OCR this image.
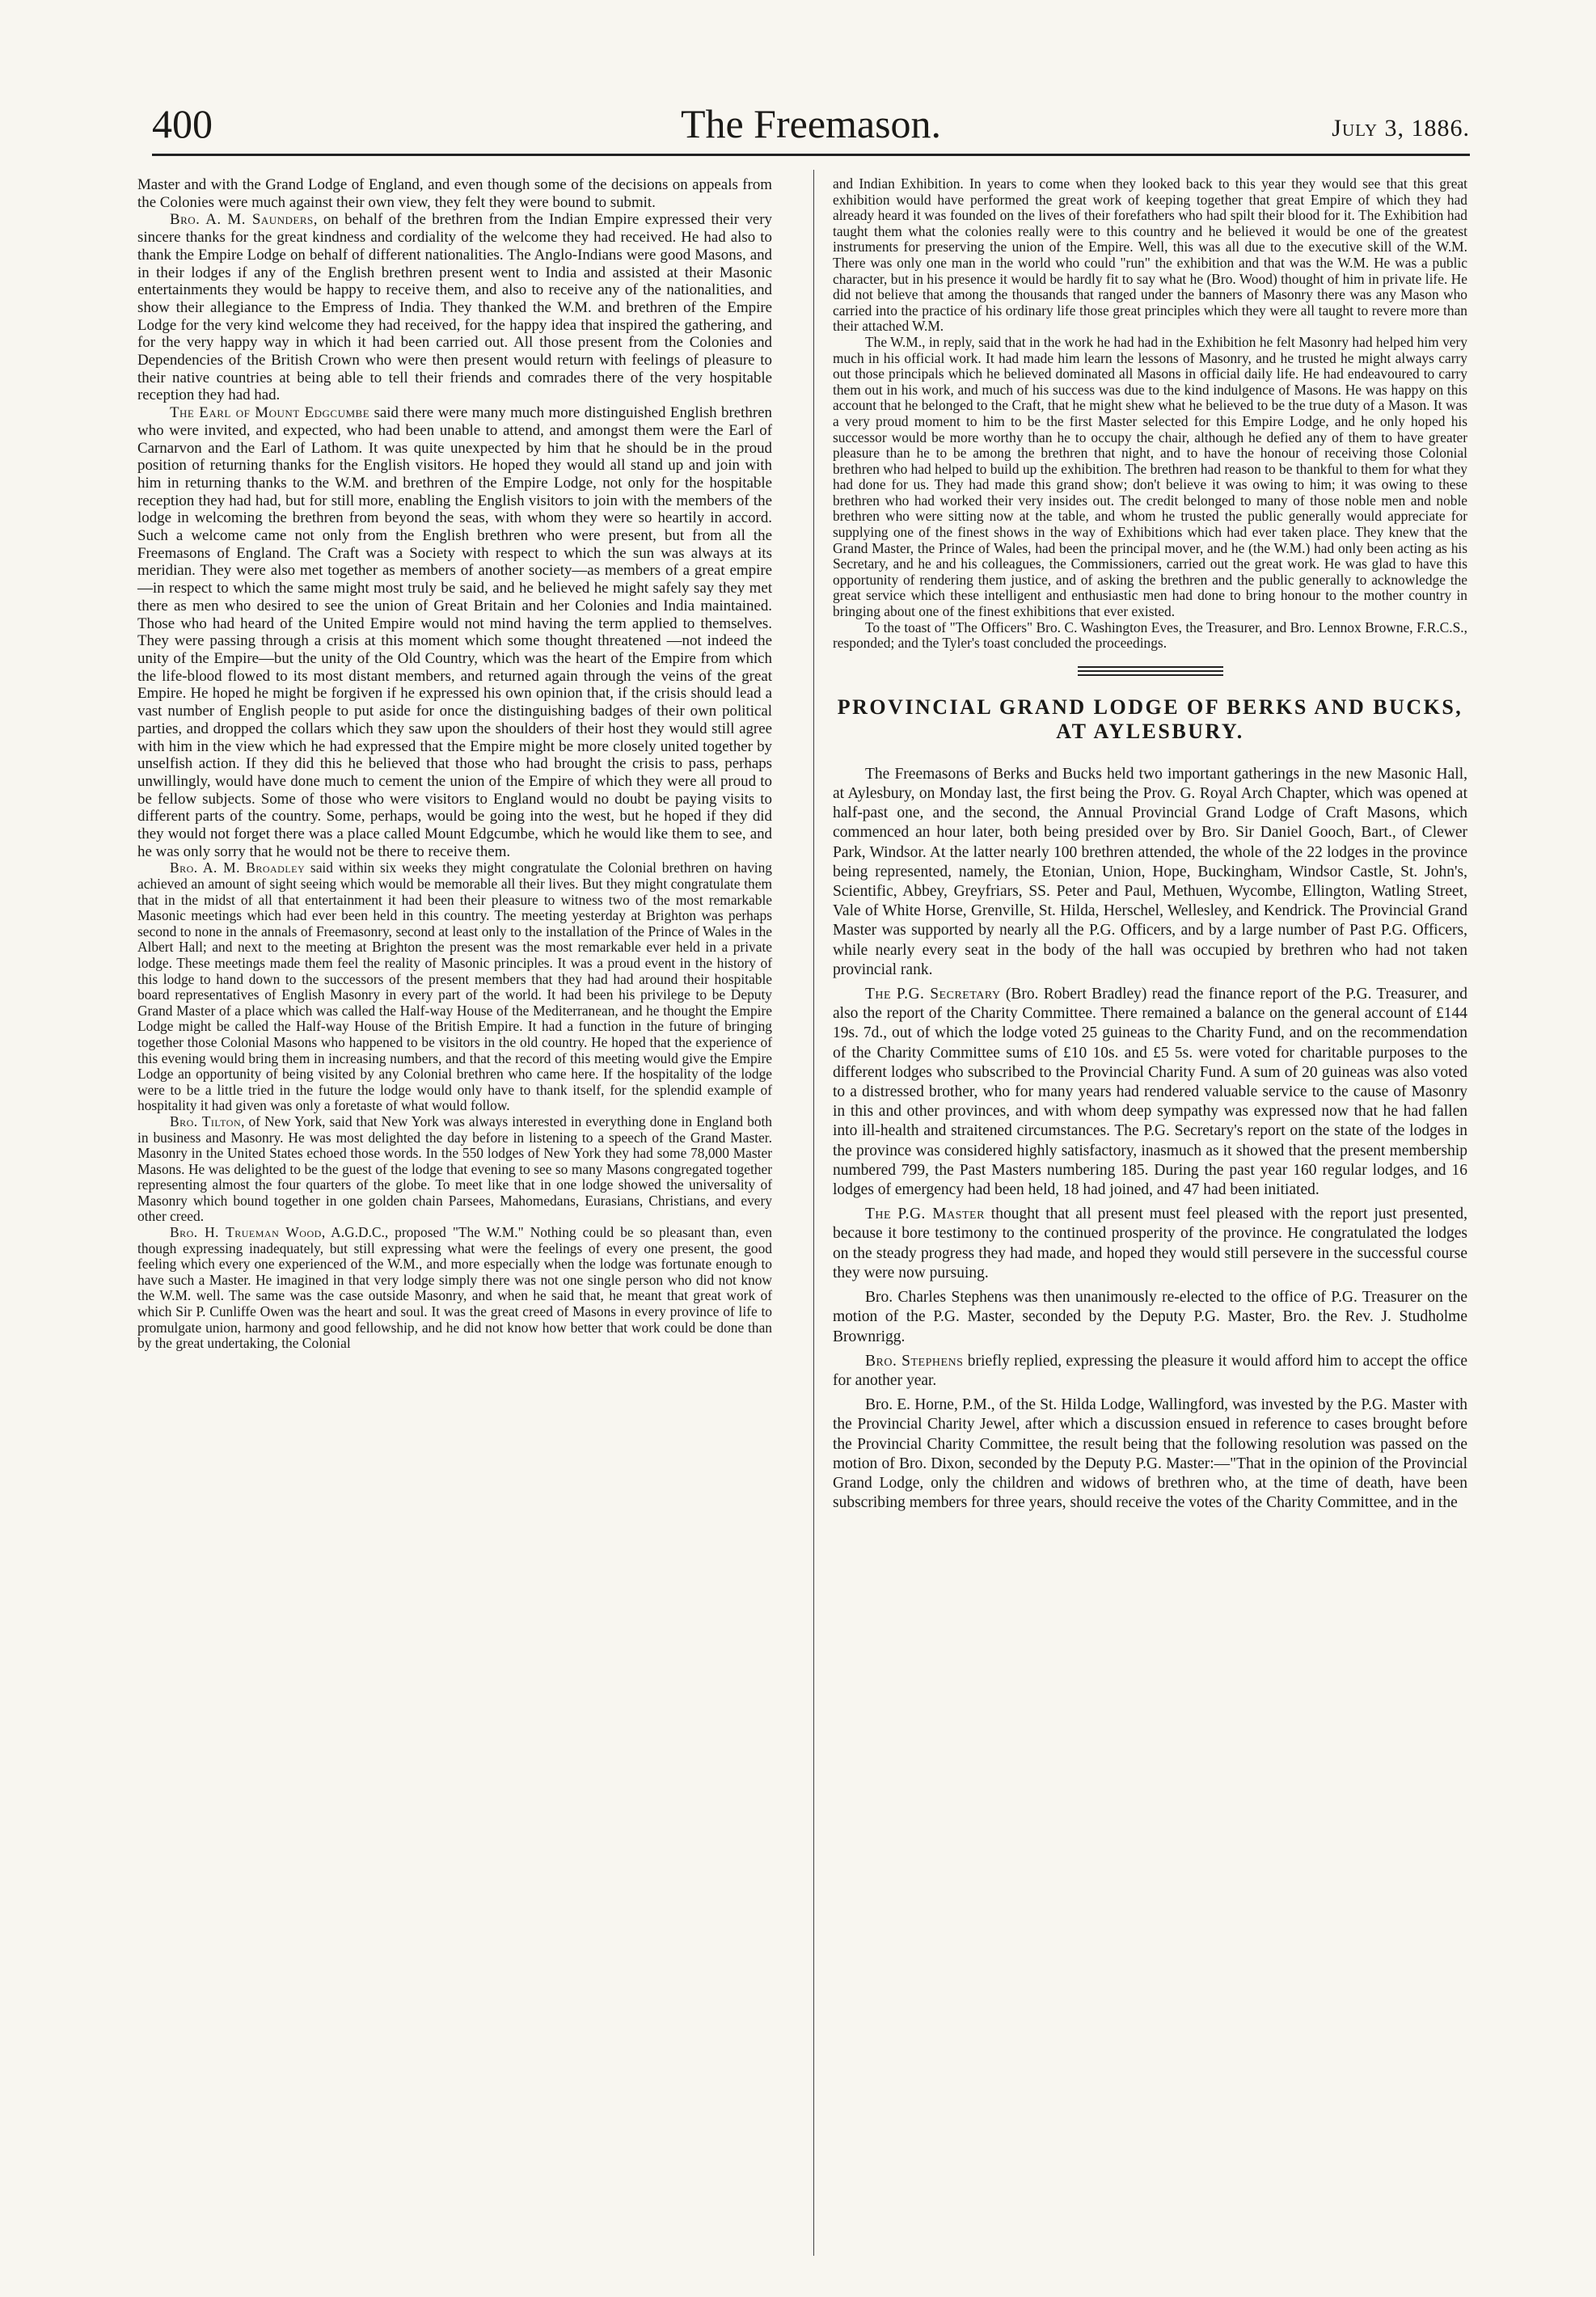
400	The Freemason.	July 3, 1886.

Master and with the Grand Lodge of England, and even though some of the decisions on appeals from the Colonies were much against their own view, they felt they were bound to submit.

Bro. A. M. Saunders, on behalf of the brethren from the Indian Empire expressed their very sincere thanks for the great kindness and cordiality of the welcome they had received. He had also to thank the Empire Lodge on behalf of different nationalities. The Anglo-Indians were good Masons, and in their lodges if any of the English brethren present went to India and assisted at their Masonic entertainments they would be happy to receive them, and also to receive any of the nationalities, and show their allegiance to the Empress of India. They thanked the W.M. and brethren of the Empire Lodge for the very kind welcome they had received, for the happy idea that inspired the gathering, and for the very happy way in which it had been carried out. All those present from the Colonies and Dependencies of the British Crown who were then present would return with feelings of pleasure to their native countries at being able to tell their friends and comrades there of the very hospitable reception they had had.

The Earl of Mount Edgcumbe said there were many much more distinguished English brethren who were invited, and expected, who had been unable to attend, and amongst them were the Earl of Carnarvon and the Earl of Lathom. It was quite unexpected by him that he should be in the proud position of returning thanks for the English visitors. He hoped they would all stand up and join with him in returning thanks to the W.M. and brethren of the Empire Lodge, not only for the hospitable reception they had had, but for still more, enabling the English visitors to join with the members of the lodge in welcoming the brethren from beyond the seas, with whom they were so heartily in accord. Such a welcome came not only from the English brethren who were present, but from all the Freemasons of England. The Craft was a Society with respect to which the sun was always at its meridian. They were also met together as members of another society—as members of a great empire—in respect to which the same might most truly be said, and he believed he might safely say they met there as men who desired to see the union of Great Britain and her Colonies and India maintained. Those who had heard of the United Empire would not mind having the term applied to themselves. They were passing through a crisis at this moment which some thought threatened —not indeed the unity of the Empire—but the unity of the Old Country, which was the heart of the Empire from which the life-blood flowed to its most distant members, and returned again through the veins of the great Empire. He hoped he might be forgiven if he expressed his own opinion that, if the crisis should lead a vast number of English people to put aside for once the distinguishing badges of their own political parties, and dropped the collars which they saw upon the shoulders of their host they would still agree with him in the view which he had expressed that the Empire might be more closely united together by unselfish action. If they did this he believed that those who had brought the crisis to pass, perhaps unwillingly, would have done much to cement the union of the Empire of which they were all proud to be fellow subjects. Some of those who were visitors to England would no doubt be paying visits to different parts of the country. Some, perhaps, would be going into the west, but he hoped if they did they would not forget there was a place called Mount Edgcumbe, which he would like them to see, and he was only sorry that he would not be there to receive them.

Bro. A. M. Broadley said within six weeks they might congratulate the Colonial brethren on having achieved an amount of sight seeing which would be memorable all their lives. But they might congratulate them that in the midst of all that entertainment it had been their pleasure to witness two of the most remarkable Masonic meetings which had ever been held in this country. The meeting yesterday at Brighton was perhaps second to none in the annals of Freemasonry, second at least only to the installation of the Prince of Wales in the Albert Hall; and next to the meeting at Brighton the present was the most remarkable ever held in a private lodge. These meetings made them feel the reality of Masonic principles. It was a proud event in the history of this lodge to hand down to the successors of the present members that they had had around their hospitable board representatives of English Masonry in every part of the world. It had been his privilege to be Deputy Grand Master of a place which was called the Half-way House of the Mediterranean, and he thought the Empire Lodge might be called the Half-way House of the British Empire. It had a function in the future of bringing together those Colonial Masons who happened to be visitors in the old country. He hoped that the experience of this evening would bring them in increasing numbers, and that the record of this meeting would give the Empire Lodge an opportunity of being visited by any Colonial brethren who came here. If the hospitality of the lodge were to be a little tried in the future the lodge would only have to thank itself, for the splendid example of hospitality it had given was only a foretaste of what would follow.

Bro. Tilton, of New York, said that New York was always interested in everything done in England both in business and Masonry. He was most delighted the day before in listening to a speech of the Grand Master. Masonry in the United States echoed those words. In the 550 lodges of New York they had some 78,000 Master Masons. He was delighted to be the guest of the lodge that evening to see so many Masons congregated together representing almost the four quarters of the globe. To meet like that in one lodge showed the universality of Masonry which bound together in one golden chain Parsees, Mahomedans, Eurasians, Christians, and every other creed.

Bro. H. Trueman Wood, A.G.D.C., proposed "The W.M." Nothing could be so pleasant than, even though expressing inadequately, but still expressing what were the feelings of every one present, the good feeling which every one experienced of the W.M., and more especially when the lodge was fortunate enough to have such a Master. He imagined in that very lodge simply there was not one single person who did not know the W.M. well. The same was the case outside Masonry, and when he said that, he meant that great work of which Sir P. Cunliffe Owen was the heart and soul. It was the great creed of Masons in every province of life to promulgate union, harmony and good fellowship, and he did not know how better that work could be done than by the great undertaking, the Colonial

and Indian Exhibition. In years to come when they looked back to this year they would see that this great exhibition would have performed the great work of keeping together that great Empire of which they had already heard it was founded on the lives of their forefathers who had spilt their blood for it. The Exhibition had taught them what the colonies really were to this country and he believed it would be one of the greatest instruments for preserving the union of the Empire. Well, this was all due to the executive skill of the W.M. There was only one man in the world who could "run" the exhibition and that was the W.M. He was a public character, but in his presence it would be hardly fit to say what he (Bro. Wood) thought of him in private life. He did not believe that among the thousands that ranged under the banners of Masonry there was any Mason who carried into the practice of his ordinary life those great principles which they were all taught to revere more than their attached W.M.

The W.M., in reply, said that in the work he had had in the Exhibition he felt Masonry had helped him very much in his official work. It had made him learn the lessons of Masonry, and he trusted he might always carry out those principals which he believed dominated all Masons in official daily life. He had endeavoured to carry them out in his work, and much of his success was due to the kind indulgence of Masons. He was happy on this account that he belonged to the Craft, that he might shew what he believed to be the true duty of a Mason. It was a very proud moment to him to be the first Master selected for this Empire Lodge, and he only hoped his successor would be more worthy than he to occupy the chair, although he defied any of them to have greater pleasure than he to be among the brethren that night, and to have the honour of receiving those Colonial brethren who had helped to build up the exhibition. The brethren had reason to be thankful to them for what they had done for us. They had made this grand show; don't believe it was owing to him; it was owing to these brethren who had worked their very insides out. The credit belonged to many of those noble men and noble brethren who were sitting now at the table, and whom he trusted the public generally would appreciate for supplying one of the finest shows in the way of Exhibitions which had ever taken place. They knew that the Grand Master, the Prince of Wales, had been the principal mover, and he (the W.M.) had only been acting as his Secretary, and he and his colleagues, the Commissioners, carried out the great work. He was glad to have this opportunity of rendering them justice, and of asking the brethren and the public generally to acknowledge the great service which these intelligent and enthusiastic men had done to bring honour to the mother country in bringing about one of the finest exhibitions that ever existed.

To the toast of "The Officers" Bro. C. Washington Eves, the Treasurer, and Bro. Lennox Browne, F.R.C.S., responded; and the Tyler's toast concluded the proceedings.

PROVINCIAL GRAND LODGE OF BERKS AND BUCKS, AT AYLESBURY.

The Freemasons of Berks and Bucks held two important gatherings in the new Masonic Hall, at Aylesbury, on Monday last, the first being the Prov. G. Royal Arch Chapter, which was opened at half-past one, and the second, the Annual Provincial Grand Lodge of Craft Masons, which commenced an hour later, both being presided over by Bro. Sir Daniel Gooch, Bart., of Clewer Park, Windsor. At the latter nearly 100 brethren attended, the whole of the 22 lodges in the province being represented, namely, the Etonian, Union, Hope, Buckingham, Windsor Castle, St. John's, Scientific, Abbey, Greyfriars, SS. Peter and Paul, Methuen, Wycombe, Ellington, Watling Street, Vale of White Horse, Grenville, St. Hilda, Herschel, Wellesley, and Kendrick. The Provincial Grand Master was supported by nearly all the P.G. Officers, and by a large number of Past P.G. Officers, while nearly every seat in the body of the hall was occupied by brethren who had not taken provincial rank.

The P.G. Secretary (Bro. Robert Bradley) read the finance report of the P.G. Treasurer, and also the report of the Charity Committee. There remained a balance on the general account of £144 19s. 7d., out of which the lodge voted 25 guineas to the Charity Fund, and on the recommendation of the Charity Committee sums of £10 10s. and £5 5s. were voted for charitable purposes to the different lodges who subscribed to the Provincial Charity Fund. A sum of 20 guineas was also voted to a distressed brother, who for many years had rendered valuable service to the cause of Masonry in this and other provinces, and with whom deep sympathy was expressed now that he had fallen into ill-health and straitened circumstances. The P.G. Secretary's report on the state of the lodges in the province was considered highly satisfactory, inasmuch as it showed that the present membership numbered 799, the Past Masters numbering 185. During the past year 160 regular lodges, and 16 lodges of emergency had been held, 18 had joined, and 47 had been initiated.

The P.G. Master thought that all present must feel pleased with the report just presented, because it bore testimony to the continued prosperity of the province. He congratulated the lodges on the steady progress they had made, and hoped they would still persevere in the successful course they were now pursuing.

Bro. Charles Stephens was then unanimously re-elected to the office of P.G. Treasurer on the motion of the P.G. Master, seconded by the Deputy P.G. Master, Bro. the Rev. J. Studholme Brownrigg.

Bro. Stephens briefly replied, expressing the pleasure it would afford him to accept the office for another year.

Bro. E. Horne, P.M., of the St. Hilda Lodge, Wallingford, was invested by the P.G. Master with the Provincial Charity Jewel, after which a discussion ensued in reference to cases brought before the Provincial Charity Committee, the result being that the following resolution was passed on the motion of Bro. Dixon, seconded by the Deputy P.G. Master:—"That in the opinion of the Provincial Grand Lodge, only the children and widows of brethren who, at the time of death, have been subscribing members for three years, should receive the votes of the Charity Committee, and in the
